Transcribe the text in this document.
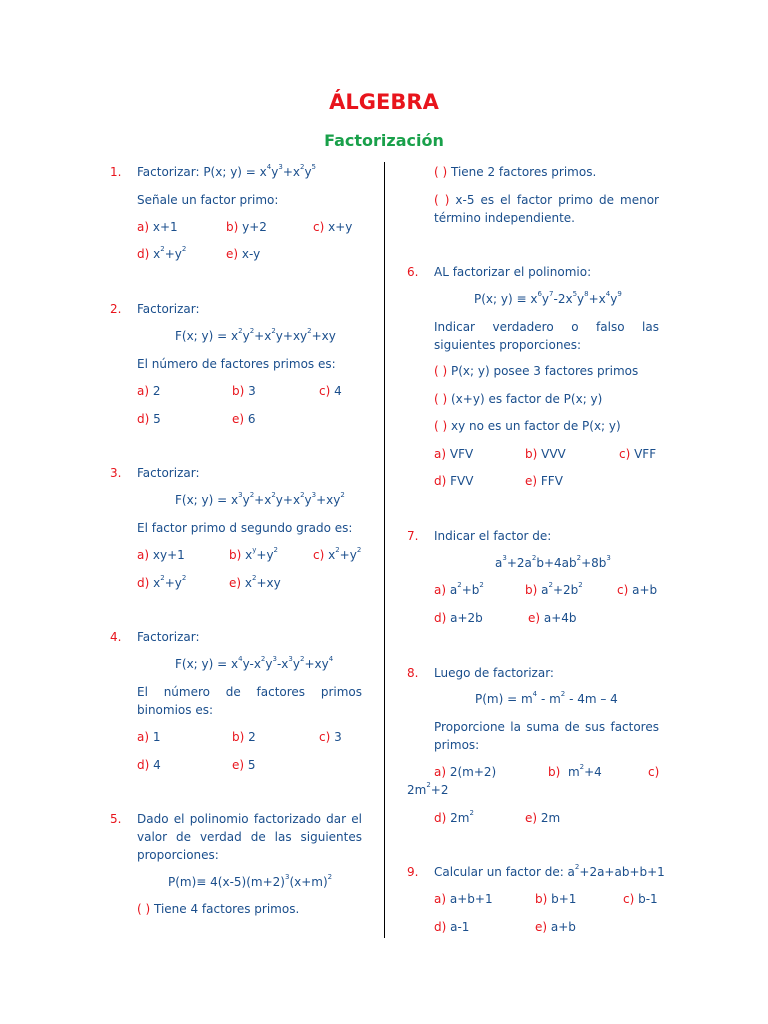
ÁLGEBRA
Factorización
1. Factorizar: P(x; $y) = x^4y^3+x^2y^5$
Señale un factor primo:
a) x+1	b) y+2	c) x+y
d) $x^2+y^2$	e) x-y
2. Factorizar:
F(x; $y) = x^2y^2+x^2y+xy^2+xy$
El número de factores primos es:
a) 2	b) 3	c) 4
d) 5	e) 6
3. Factorizar:
F(x; $y) = x^3y^2+x^2y+x^2y^3+xy^2$
El factor primo d segundo grado es:
a) xy+1	b) $x^y+y^2$	c) $x^2+y^2$
d) $x^2+y^2$	e) $x^2+xy$
4. Factorizar:
F(x; $y) = x^4y-x^2y^3-x^3y^2+xy^4$
El número de factores primos binomios es:
a) 1	b) 2	c) 3
d) 4	e) 5
5. Dado el polinomio factorizado dar el valor de verdad de las siguientes proporciones:
$P(m)\equiv 4(x-5)(m+2)^3(x+m)^2$
( ) Tiene 4 factores primos.
( ) Tiene 2 factores primos.
( ) x-5 es el factor primo de menor término independiente.
6. AL factorizar el polinomio:
P(x; $y) \equiv x^6y^7-2x^5y^8+x^4y^9$
Indicar verdadero o falso las siguientes proporciones:
( ) P(x; y) posee 3 factores primos
( ) (x+y) es factor de P(x; y)
( ) xy no es un factor de P(x; y)
a) VFV	b) VVV	c) VFF
d) FVV	e) FFV
7. Indicar el factor de:
$a^3+2a^2b+4ab^2+8b^3$
a) $a^2+b^2$	b) $a^2+2b^2$	c) a+b
d) a+2b	e) a+4b
8. Luego de factorizar:
$P(m) = m^4 - m^2 - 4m - 4$
Proporcione la suma de sus factores primos:
a) 2(m+2)	b)  $m^2+4$	c)
$2m^2+2$
d) $2m^2$	e) 2m
9. Calcular un factor de: $a^2+2a+ab+b+1$
a) a+b+1	b) b+1	c) b-1
d) a-1	e) a+b
